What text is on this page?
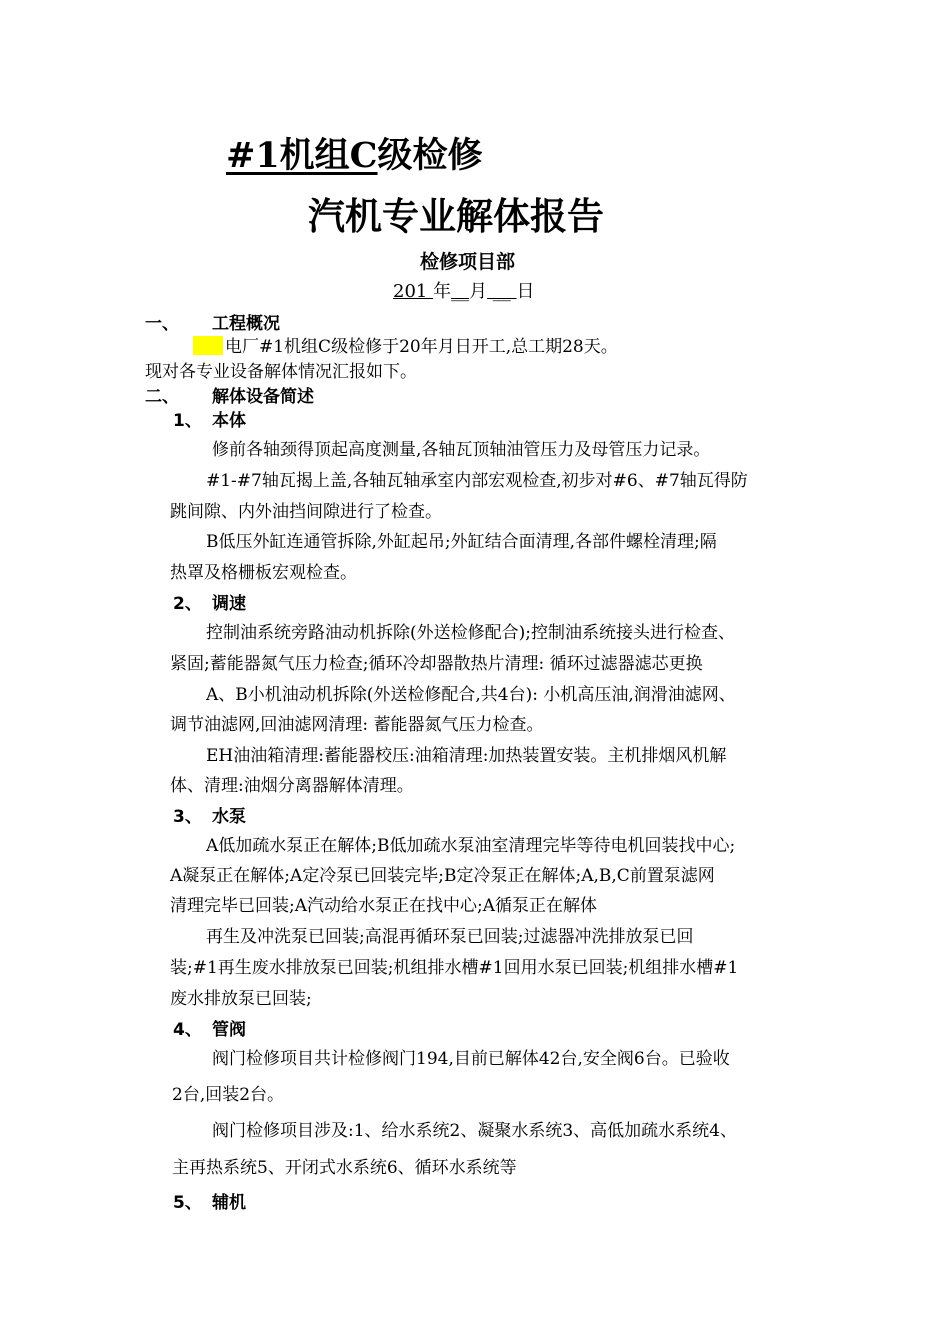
#1机组C级检修
汽机专业解体报告
检修项目部
201 年__月 __ 日
一、 工程概况
电厂#1机组C级检修于20年月日开工,总工期28天。
现对各专业设备解体情况汇报如下。
二、 解体设备简述
1、 本体
修前各轴颈得顶起高度测量,各轴瓦顶轴油管压力及母管压力记录。
#1-#7轴瓦揭上盖,各轴瓦轴承室内部宏观检查,初步对#6、#7轴瓦得防
跳间隙、内外油挡间隙进行了检查。
B低压外缸连通管拆除,外缸起吊;外缸结合面清理,各部件螺栓清理;隔
热罩及格栅板宏观检查。
2、 调速
控制油系统旁路油动机拆除(外送检修配合);控制油系统接头进行检查、
紧固;蓄能器氮气压力检查;循环冷却器散热片清理: 循环过滤器滤芯更换
A、B小机油动机拆除(外送检修配合,共4台): 小机高压油,润滑油滤网、
调节油滤网,回油滤网清理: 蓄能器氮气压力检查。
EH油油箱清理:蓄能器校压:油箱清理:加热装置安装。主机排烟风机解
体、清理:油烟分离器解体清理。
3、 水泵
A低加疏水泵正在解体;B低加疏水泵油室清理完毕等待电机回装找中心;
A凝泵正在解体;A定冷泵已回装完毕;B定冷泵正在解体;A,B,C前置泵滤网
清理完毕已回装;A汽动给水泵正在找中心;A循泵正在解体
再生及冲洗泵已回装;高混再循环泵已回装;过滤器冲洗排放泵已回
装;#1再生废水排放泵已回装;机组排水槽#1回用水泵已回装;机组排水槽#1
废水排放泵已回装;
4、 管阀
阀门检修项目共计检修阀门194,目前已解体42台,安全阀6台。已验收
2台,回装2台。
阀门检修项目涉及:1、给水系统2、凝聚水系统3、高低加疏水系统4、
主再热系统5、开闭式水系统6、循环水系统等
5、 辅机
